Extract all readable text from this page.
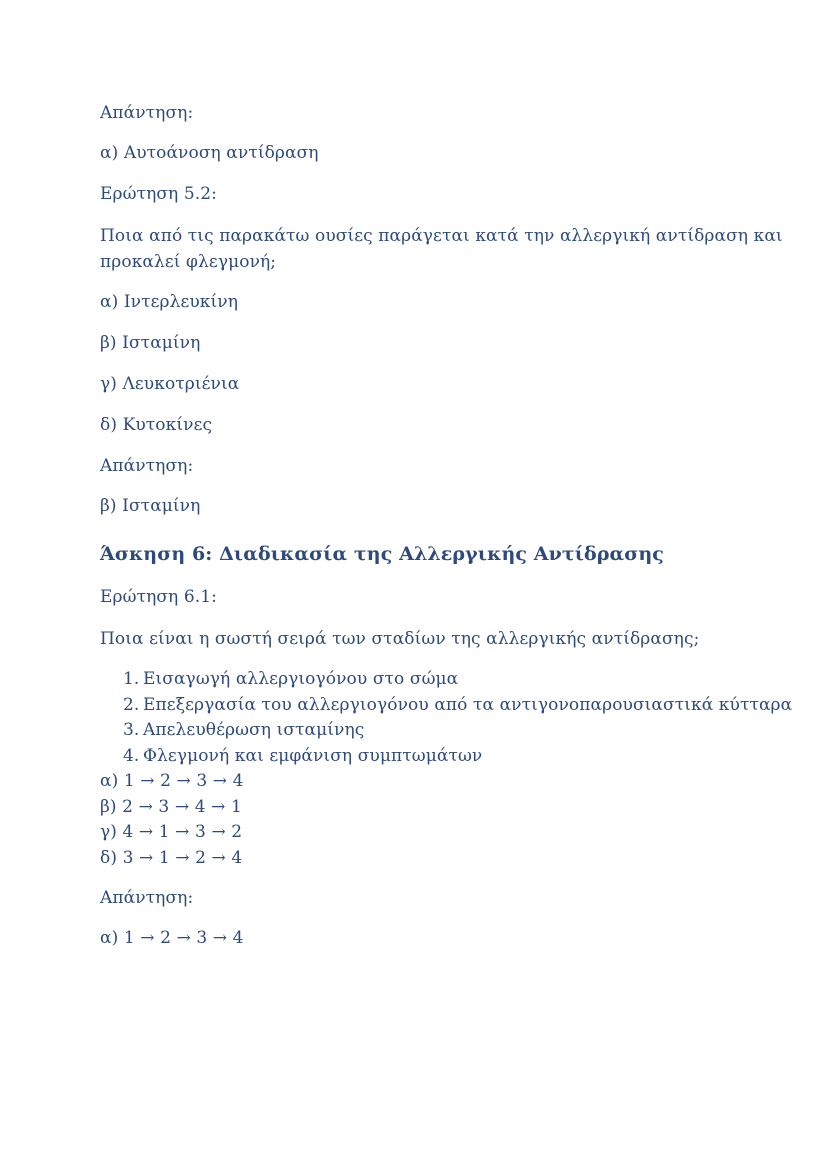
Απάντηση:

α) Αυτοάνοση αντίδραση

Ερώτηση 5.2:

Ποια από τις παρακάτω ουσίες παράγεται κατά την αλλεργική αντίδραση και
προκαλεί φλεγμονή;

α) Ιντερλευκίνη

β) Ισταμίνη

γ) Λευκοτριένια

δ) Κυτοκίνες

Απάντηση:

β) Ισταμίνη

Άσκηση 6: Διαδικασία της Αλλεργικής Αντίδρασης

Ερώτηση 6.1:

Ποια είναι η σωστή σειρά των σταδίων της αλλεργικής αντίδρασης;

Εισαγωγή αλλεργιογόνου στο σώμα
Επεξεργασία του αλλεργιογόνου από τα αντιγονοπαρουσιαστικά κύτταρα
Απελευθέρωση ισταμίνης
Φλεγμονή και εμφάνιση συμπτωμάτων
α) 1 → 2 → 3 → 4
β) 2 → 3 → 4 → 1
γ) 4 → 1 → 3 → 2
δ) 3 → 1 → 2 → 4

Απάντηση:

α) 1 → 2 → 3 → 4
